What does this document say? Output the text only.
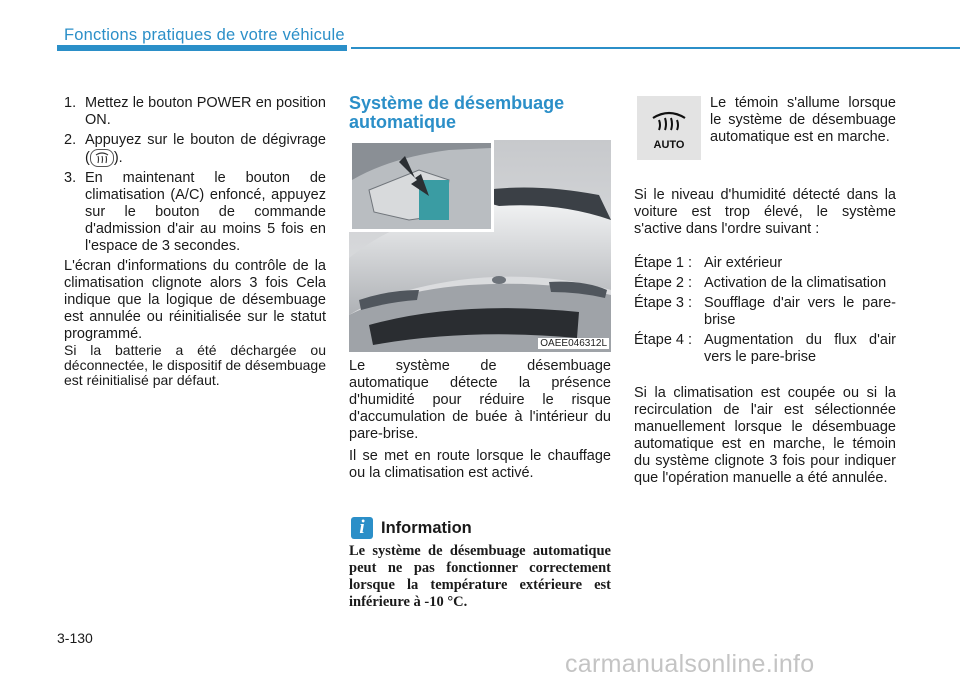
Fonctions pratiques de votre véhicule
1. Mettez le bouton POWER en position ON.
2. Appuyez sur le bouton de dégivrage ( ).
3. En maintenant le bouton de climatisation (A/C) enfoncé, appuyez sur le bouton de commande d'admission d'air au moins 5 fois en l'espace de 3 secondes.

L'écran d'informations du contrôle de la climatisation clignote alors 3 fois Cela indique que la logique de désembuage est annulée ou réinitialisée sur le statut programmé.

Si la batterie a été déchargée ou déconnectée, le dispositif de désembuage est réinitialisé par défaut.

Système de désembuage automatique
OAEE046312L

Le système de désembuage automatique détecte la présence d'humidité pour réduire le risque d'accumulation de buée à l'intérieur du pare-brise.

Il se met en route lorsque le chauffage ou la climatisation est activé.

i Information
Le système de désembuage automatique peut ne pas fonctionner correctement lorsque la température extérieure est inférieure à -10 °C.
AUTO

Le témoin s'allume lorsque le système de désembuage automatique est en marche.

Si le niveau d'humidité détecté dans la voiture est trop élevé, le système s'active dans l'ordre suivant :

Étape 1 : Air extérieur
Étape 2 : Activation de la climatisation
Étape 3 : Soufflage d'air vers le pare-brise
Étape 4 : Augmentation du flux d'air vers le pare-brise

Si la climatisation est coupée ou si la recirculation de l'air est sélectionnée manuellement lorsque le désembuage automatique est en marche, le témoin du système clignote 3 fois pour indiquer que l'opération manuelle a été annulée.

3-130
carmanualsonline.info
